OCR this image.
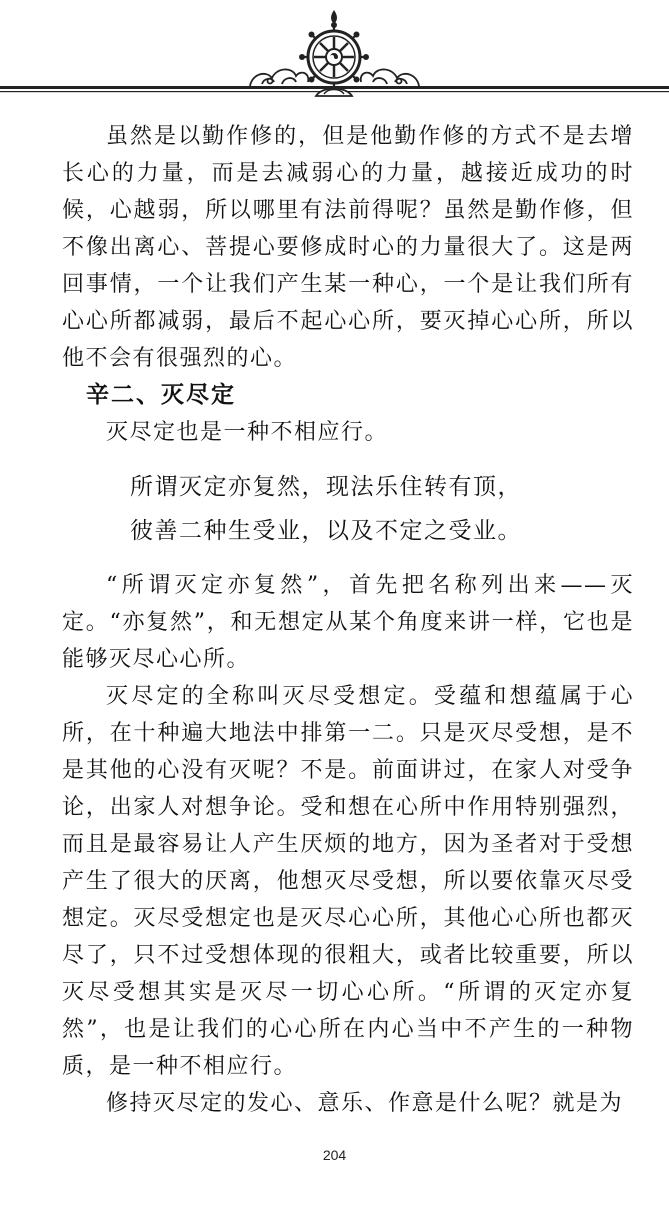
虽然是以勤作修的，但是他勤作修的方式不是去增长心的力量，而是去减弱心的力量，越接近成功的时候，心越弱，所以哪里有法前得呢？虽然是勤作修，但不像出离心、菩提心要修成时心的力量很大了。这是两回事情，一个让我们产生某一种心，一个是让我们所有心心所都减弱，最后不起心心所，要灭掉心心所，所以他不会有很强烈的心。

辛二、灭尽定

灭尽定也是一种不相应行。

所谓灭定亦复然，现法乐住转有顶，

彼善二种生受业，以及不定之受业。

“所谓灭定亦复然”，首先把名称列出来——灭定。“亦复然”，和无想定从某个角度来讲一样，它也是能够灭尽心心所。

灭尽定的全称叫灭尽受想定。受蕴和想蕴属于心所，在十种遍大地法中排第一二。只是灭尽受想，是不是其他的心没有灭呢？不是。前面讲过，在家人对受争论，出家人对想争论。受和想在心所中作用特别强烈，而且是最容易让人产生厌烦的地方，因为圣者对于受想产生了很大的厌离，他想灭尽受想，所以要依靠灭尽受想定。灭尽受想定也是灭尽心心所，其他心心所也都灭尽了，只不过受想体现的很粗大，或者比较重要，所以灭尽受想其实是灭尽一切心心所。“所谓的灭定亦复然”，也是让我们的心心所在内心当中不产生的一种物质，是一种不相应行。

修持灭尽定的发心、意乐、作意是什么呢？就是为

204
